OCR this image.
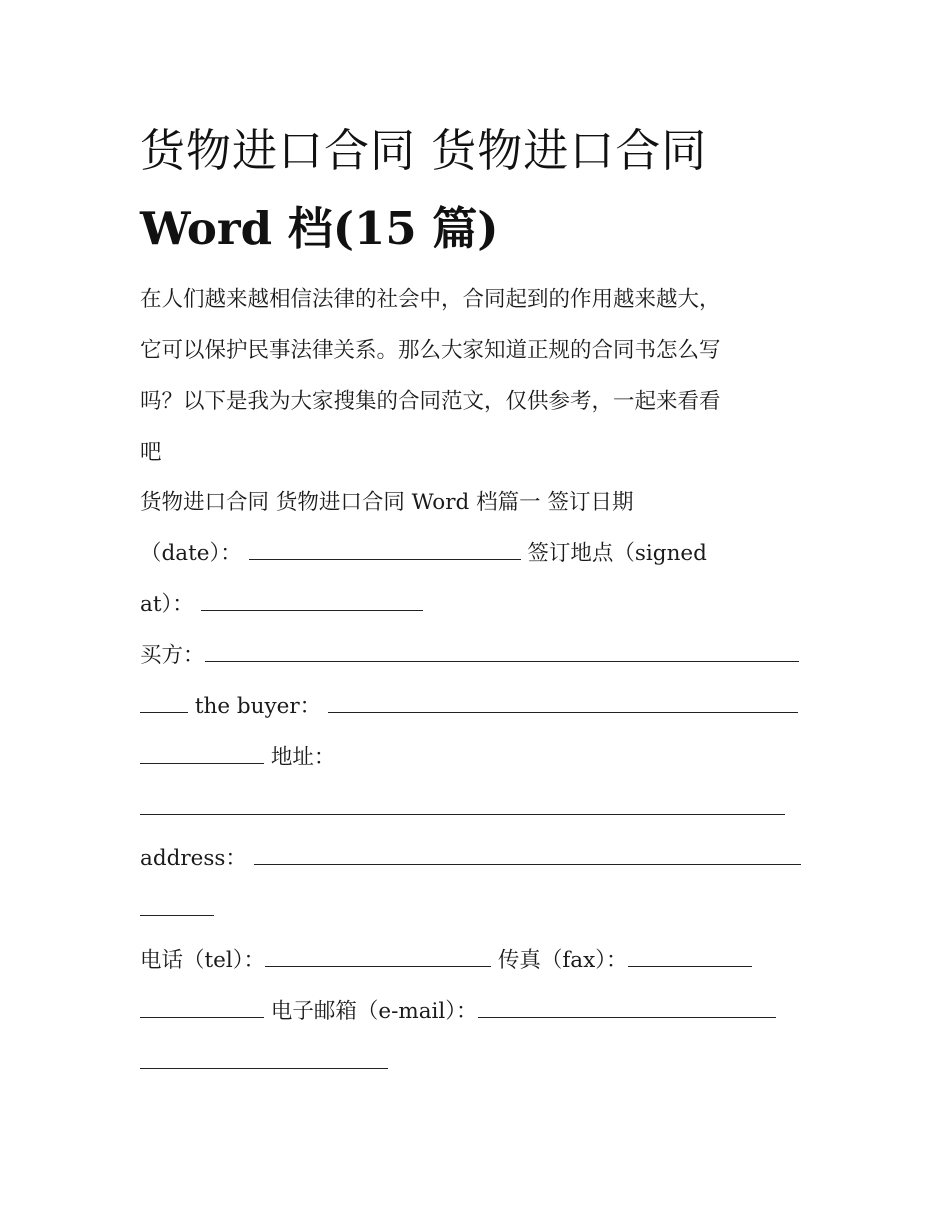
货物进口合同 货物进口合同
Word 档(15 篇)
在人们越来越相信法律的社会中，合同起到的作用越来越大，
它可以保护民事法律关系。那么大家知道正规的合同书怎么写
吗？以下是我为大家搜集的合同范文，仅供参考，一起来看看
吧
货物进口合同 货物进口合同 Word 档篇一 签订日期
（date）：	签订地点（signed
at）：
买方：
the buyer：
地址：
address：
电话（tel）：	传真（fax）：
电子邮箱（e-mail）：
